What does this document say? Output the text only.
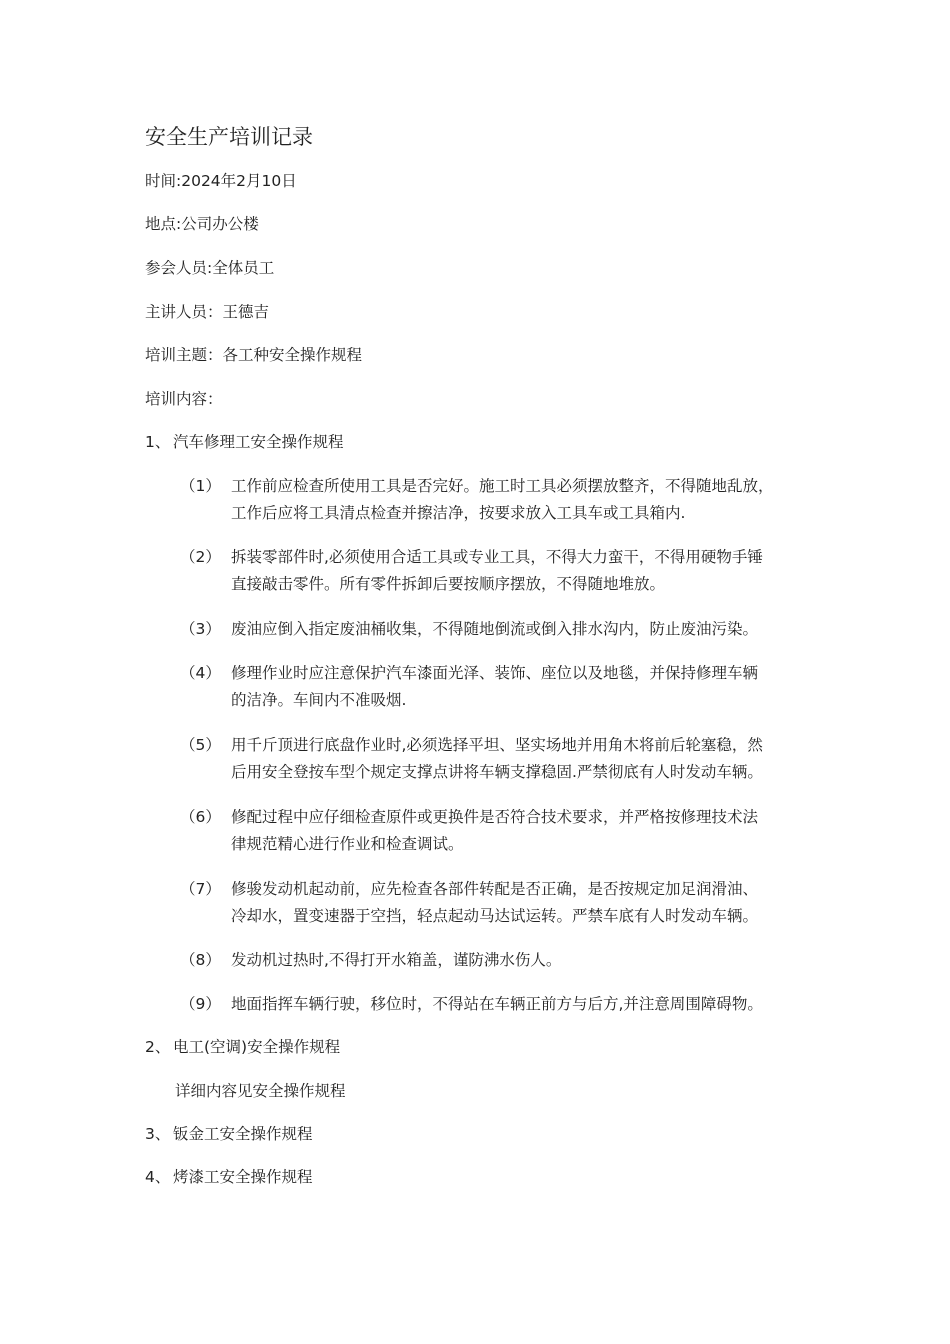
安全生产培训记录
时间:2024年2月10日
地点:公司办公楼
参会人员:全体员工
主讲人员：王德吉
培训主题：各工种安全操作规程
培训内容：
1、 汽车修理工安全操作规程
（1） 工作前应检查所使用工具是否完好。施工时工具必须摆放整齐，不得随地乱放，
工作后应将工具清点检查并擦洁净，按要求放入工具车或工具箱内.
（2） 拆装零部件时,必须使用合适工具或专业工具，不得大力蛮干，不得用硬物手锤
直接敲击零件。所有零件拆卸后要按顺序摆放，不得随地堆放。
（3） 废油应倒入指定废油桶收集，不得随地倒流或倒入排水沟内，防止废油污染。
（4） 修理作业时应注意保护汽车漆面光泽、装饰、座位以及地毯，并保持修理车辆
的洁净。车间内不准吸烟.
（5） 用千斤顶进行底盘作业时,必须选择平坦、坚实场地并用角木将前后轮塞稳，然
后用安全登按车型个规定支撑点讲将车辆支撑稳固.严禁彻底有人时发动车辆。
（6） 修配过程中应仔细检查原件或更换件是否符合技术要求，并严格按修理技术法
律规范精心进行作业和检查调试。
（7） 修骏发动机起动前，应先检查各部件转配是否正确，是否按规定加足润滑油、
冷却水，置变速器于空挡，轻点起动马达试运转。严禁车底有人时发动车辆。
（8） 发动机过热时,不得打开水箱盖，谨防沸水伤人。
（9） 地面指挥车辆行驶，移位时，不得站在车辆正前方与后方,并注意周围障碍物。
2、 电工(空调)安全操作规程
详细内容见安全操作规程
3、 钣金工安全操作规程
4、 烤漆工安全操作规程
